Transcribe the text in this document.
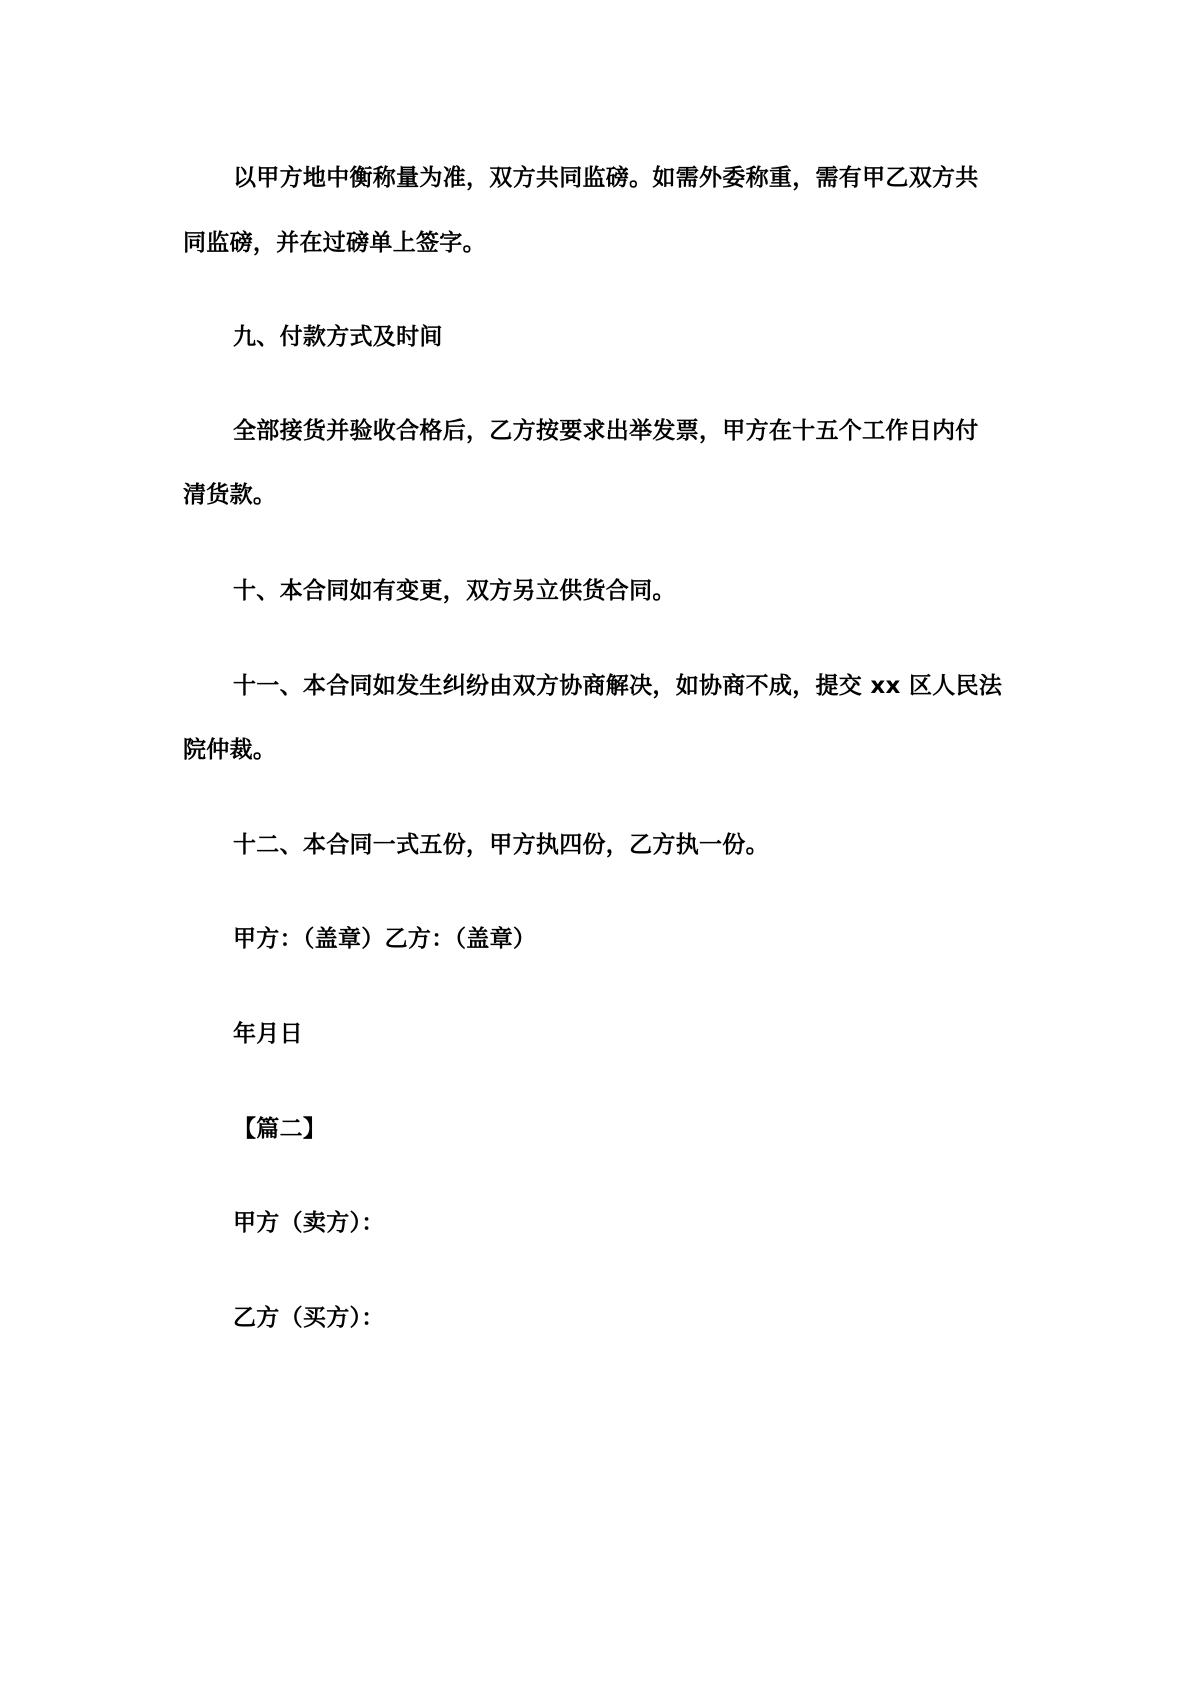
以甲方地中衡称量为准，双方共同监磅。如需外委称重，需有甲乙双方共

同监磅，并在过磅单上签字。

九、付款方式及时间

全部接货并验收合格后，乙方按要求出举发票，甲方在十五个工作日内付

清货款。

十、本合同如有变更，双方另立供货合同。

十一、本合同如发生纠纷由双方协商解决，如协商不成，提交 xx 区人民法

院仲裁。

十二、本合同一式五份，甲方执四份，乙方执一份。

甲方：（盖章）乙方：（盖章）

年月日

【篇二】

甲方（卖方）：

乙方（买方）：
